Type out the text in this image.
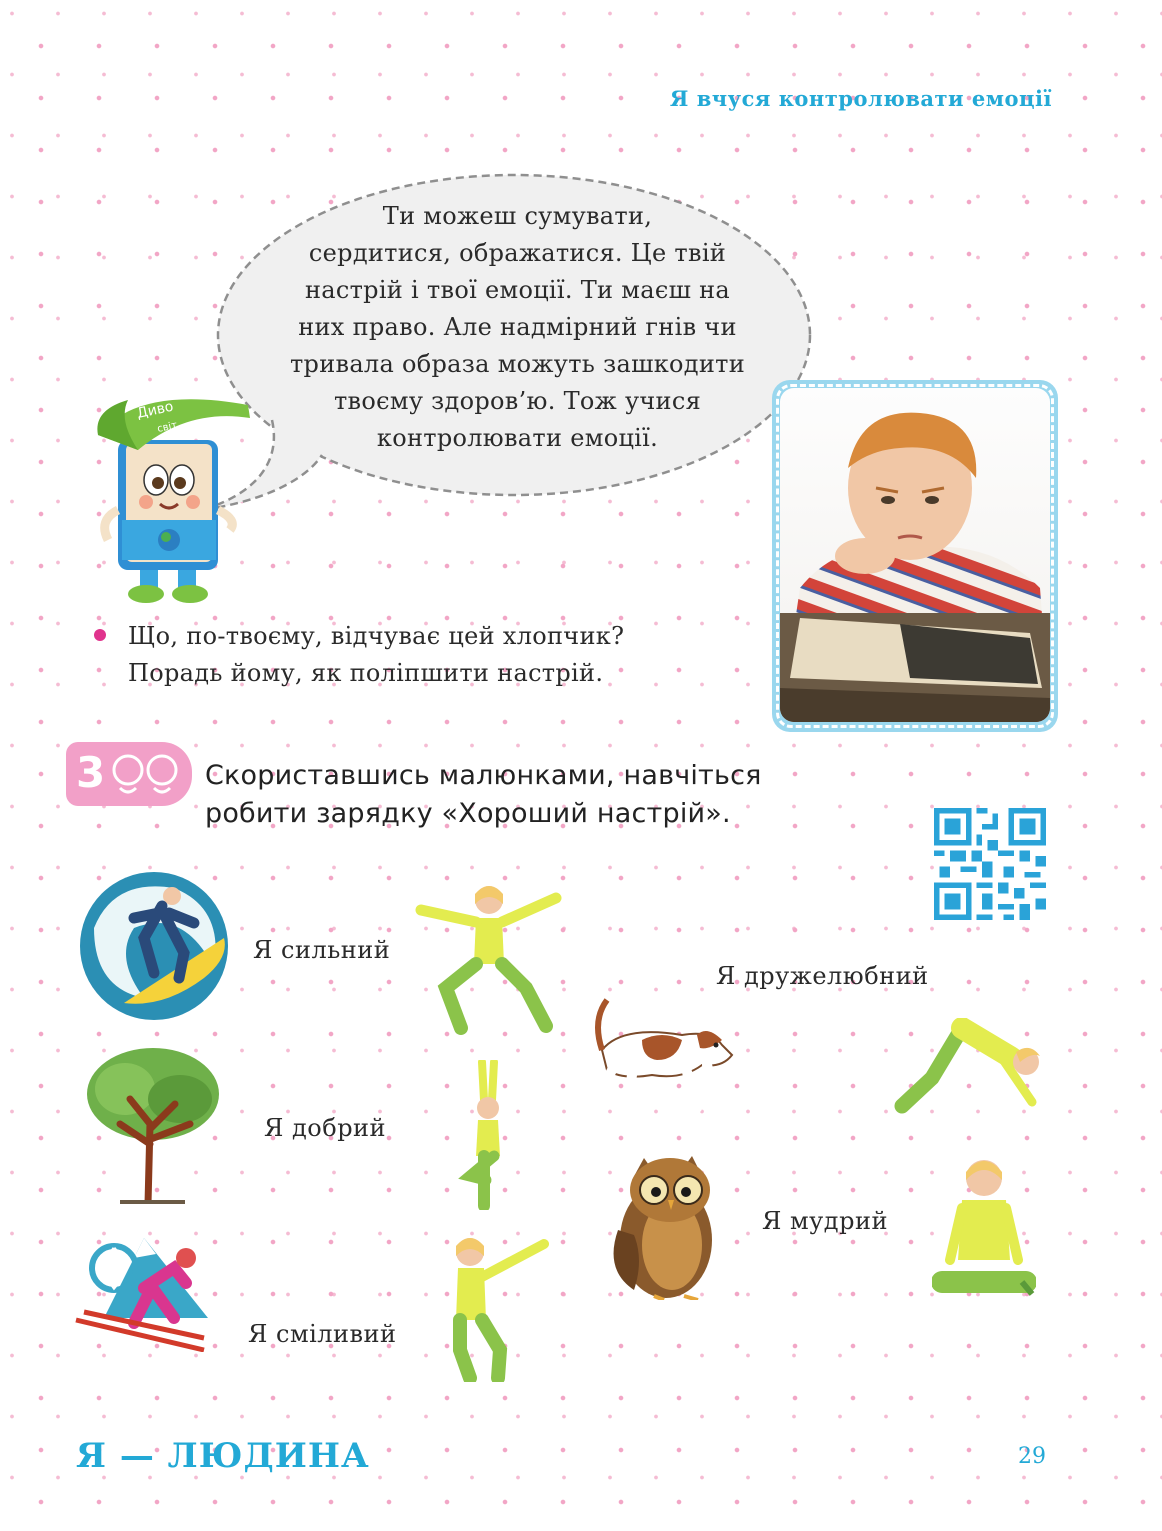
Я вчуся контролювати емоції
Ти можеш сумувати,
сердитися, ображатися. Це твій
настрій і твої емоції. Ти маєш на
них право. Але надмірний гнів чи
тривала образа можуть зашкодити
твоєму здоров’ю. Тож учися
контролювати емоції.
Диво
світ
Що, по-твоєму, відчуває цей хлопчик?
Порадь йому, як поліпшити настрій.
3	Скориставшись малюнками, навчіться
робити зарядку «Хороший настрій».
Я сильний
Я дружелюбний
Я добрий
Я мудрий
Я сміливий
Я — ЛЮДИНА	29
